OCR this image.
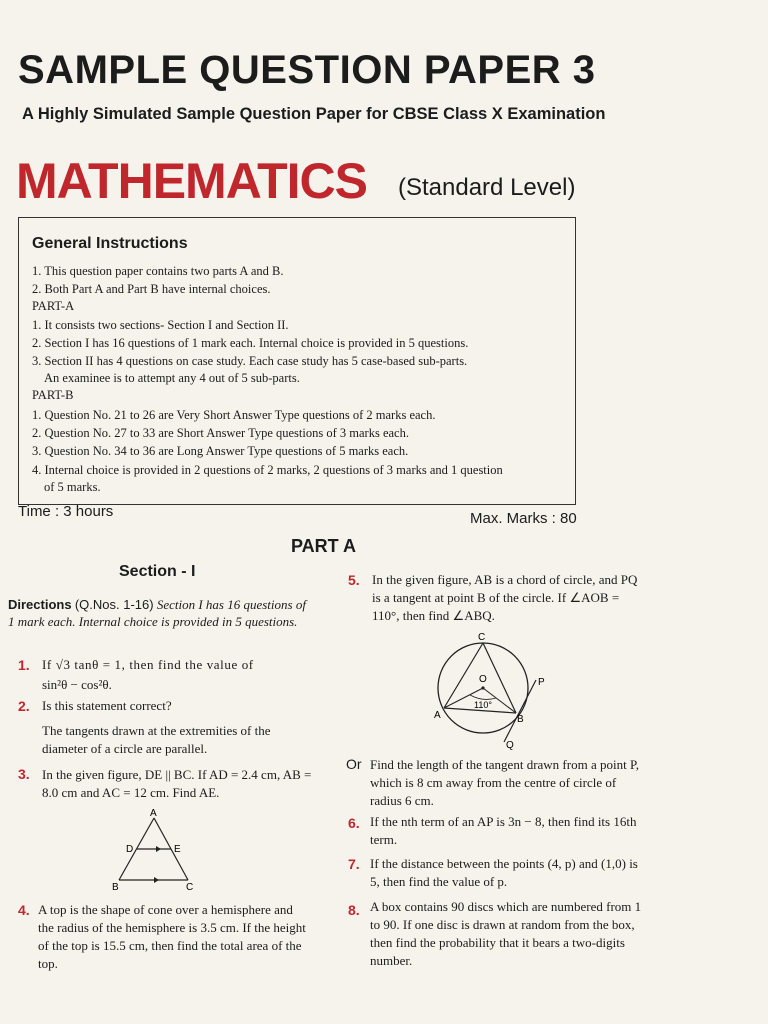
SAMPLE QUESTION PAPER 3
A Highly Simulated Sample Question Paper for CBSE Class X Examination
MATHEMATICS (Standard Level)
General Instructions
1. This question paper contains two parts A and B.
2. Both Part A and Part B have internal choices.
PART-A
1. It consists two sections- Section I and Section II.
2. Section I has 16 questions of 1 mark each. Internal choice is provided in 5 questions.
3. Section II has 4 questions on case study. Each case study has 5 case-based sub-parts.
An examinee is to attempt any 4 out of 5 sub-parts.
PART-B
1. Question No. 21 to 26 are Very Short Answer Type questions of 2 marks each.
2. Question No. 27 to 33 are Short Answer Type questions of 3 marks each.
3. Question No. 34 to 36 are Long Answer Type questions of 5 marks each.
4. Internal choice is provided in 2 questions of 2 marks, 2 questions of 3 marks and 1 question
of 5 marks.
Time : 3 hours	Max. Marks : 80
PART A
Section - I
Directions (Q.Nos. 1-16) Section I has 16 questions of 1 mark each. Internal choice is provided in 5 questions.
1. If √3 tanθ = 1, then find the value of
sin²θ − cos²θ.
2. Is this statement correct?
The tangents drawn at the extremities of the diameter of a circle are parallel.
3. In the given figure, DE || BC. If AD = 2.4 cm, AB = 8.0 cm and AC = 12 cm. Find AE.
A
D	E
B	C
4. A top is the shape of cone over a hemisphere and the radius of the hemisphere is 3.5 cm. If the height of the top is 15.5 cm, then find the total area of the top.
5. In the given figure, AB is a chord of circle, and PQ is a tangent at point B of the circle. If ∠AOB = 110°, then find ∠ABQ.
C
O	P
A	B
Q
110°
Or Find the length of the tangent drawn from a point P, which is 8 cm away from the centre of circle of radius 6 cm.
6. If the nth term of an AP is 3n − 8, then find its 16th term.
7. If the distance between the points (4, p) and (1,0) is 5, then find the value of p.
8. A box contains 90 discs which are numbered from 1 to 90. If one disc is drawn at random from the box, then find the probability that it bears a two-digits number.
